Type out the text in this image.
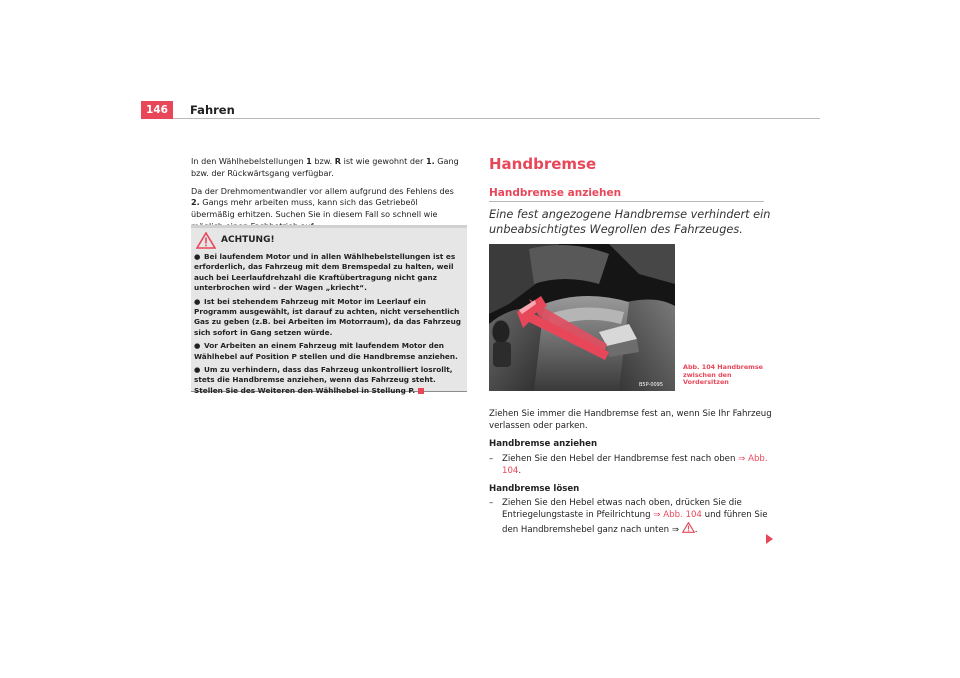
146 Fahren

In den Wählhebelstellungen 1 bzw. R ist wie gewohnt der 1. Gang bzw. der Rückwärtsgang verfügbar.

Da der Drehmomentwandler vor allem aufgrund des Fehlens des 2. Gangs mehr arbeiten muss, kann sich das Getriebeöl übermäßig erhitzen. Suchen Sie in diesem Fall so schnell wie

ACHTUNG!
● Bei laufendem Motor und in allen Wählhebelstellungen ist es erforderlich, das Fahrzeug mit dem Bremspedal zu halten, weil auch bei Leerlaufdrehzahl die Kraftübertragung nicht ganz unterbrochen wird - der Wagen „kriecht“.
● Ist bei stehendem Fahrzeug mit Motor im Leerlauf ein Programm ausgewählt, ist darauf zu achten, nicht versehentlich Gas zu geben (z.B. bei Arbeiten im Motorraum), da das Fahrzeug sich sofort in Gang setzen würde.
● Vor Arbeiten an einem Fahrzeug mit laufendem Motor den Wählhebel auf Position P stellen und die Handbremse anziehen.
● Um zu verhindern, dass das Fahrzeug unkontrolliert losrollt, stets die Handbremse anziehen, wenn das Fahrzeug steht. Stellen Sie des Weiteren den Wählhebel in Stellung P.
Handbremse
Handbremse anziehen
Eine fest angezogene Handbremse verhindert ein unbeabsichtigtes Wegrollen des Fahrzeuges.
B5P-0095
Abb. 104 Handbremse zwischen den Vordersitzen

Ziehen Sie immer die Handbremse fest an, wenn Sie Ihr Fahrzeug verlassen oder parken.

Handbremse anziehen

– Ziehen Sie den Hebel der Handbremse fest nach oben ⇒ Abb. 104.

Handbremse lösen

– Ziehen Sie den Hebel etwas nach oben, drücken Sie die Entriegelungstaste in Pfeilrichtung ⇒ Abb. 104 und führen Sie den Handbremshebel ganz nach unten ⇒ .
